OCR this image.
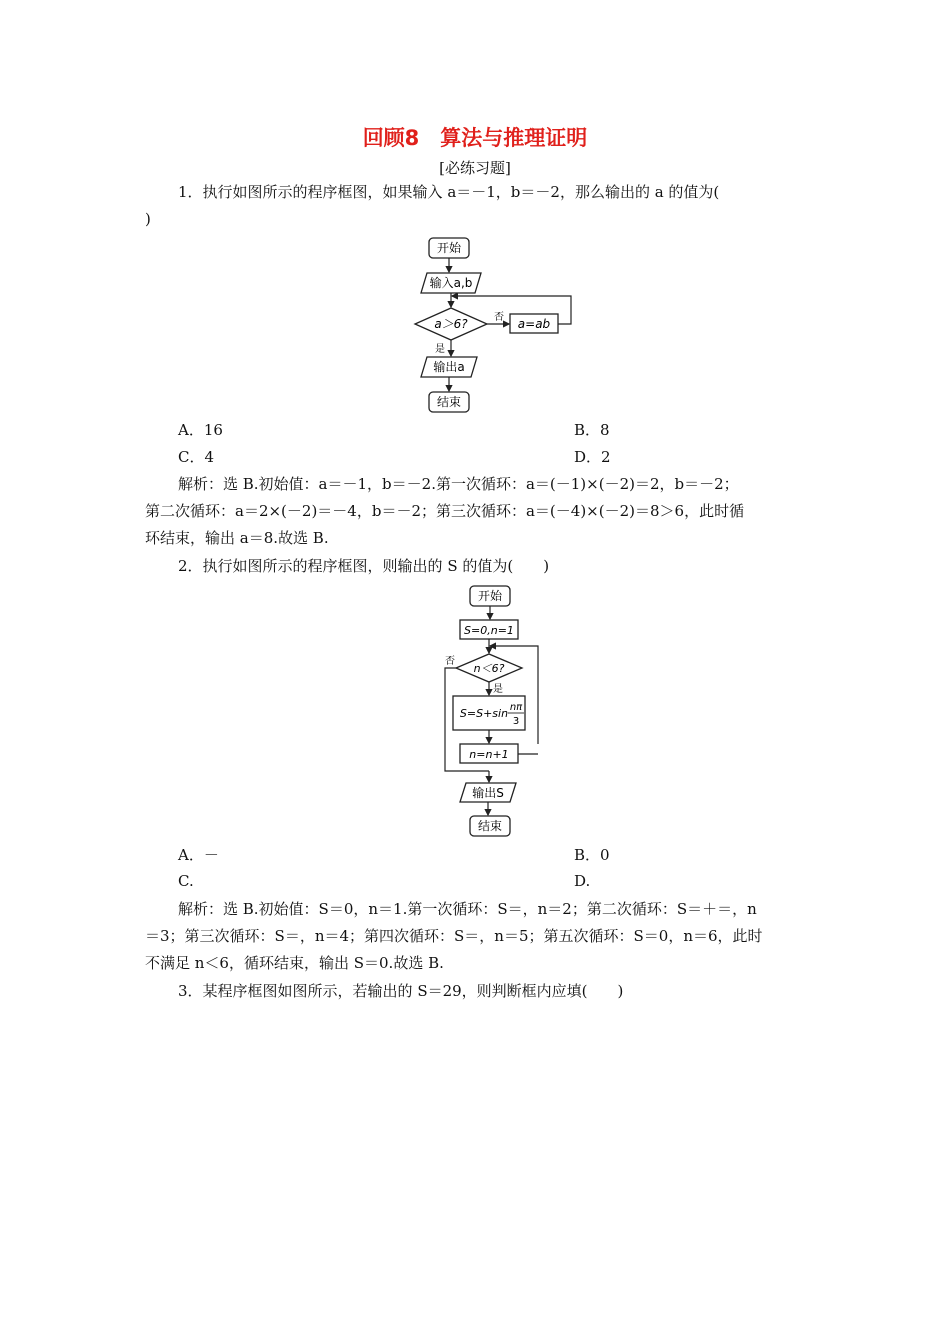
回顾8　算法与推理证明
[必练习题]
1．执行如图所示的程序框图，如果输入 a＝－1，b＝－2，那么输出的 a 的值为(
)
开始
输入a,b
a＞6?	否 a=ab
是
输出a
结束
A．16	B．8
C．4	D．2
解析：选 B.初始值：a＝－1，b＝－2.第一次循环：a＝(－1)×(－2)＝2，b＝－2；
第二次循环：a＝2×(－2)＝－4，b＝－2；第三次循环：a＝(－4)×(－2)＝8＞6，此时循
环结束，输出 a＝8.故选 B.
2．执行如图所示的程序框图，则输出的 S 的值为(　　)
开始
S=0,n=1
n＜6?
否
是
S=S+sin nπ
3
n=n+1
输出S
结束
A．－	B．0
C.	D.
解析：选 B.初始值：S＝0，n＝1.第一次循环：S＝，n＝2；第二次循环：S＝＋＝，n
＝3；第三次循环：S＝，n＝4；第四次循环：S＝，n＝5；第五次循环：S＝0，n＝6，此时
不满足 n＜6，循环结束，输出 S＝0.故选 B.
3．某程序框图如图所示，若输出的 S＝29，则判断框内应填(　　)
